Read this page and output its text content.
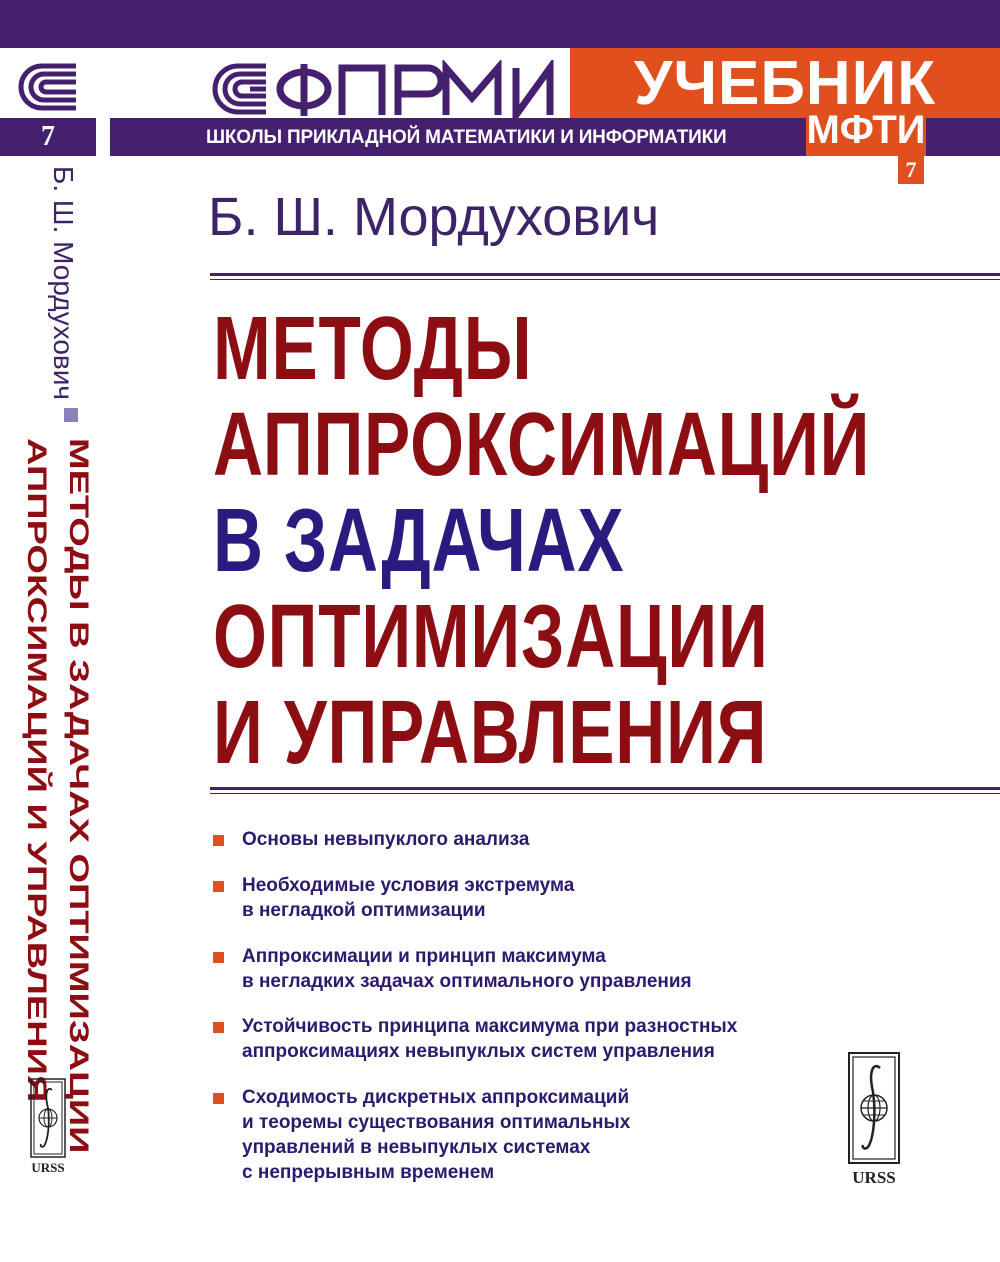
7
Б. Ш. Мордухович
МЕТОДЫ В ЗАДАЧАХ ОПТИМИЗАЦИИ
АППРОКСИМАЦИЙ И УПРАВЛЕНИЯ
URSS
УЧЕБНИК
ШКОЛЫ ПРИКЛАДНОЙ МАТЕМАТИКИ И ИНФОРМАТИКИ МФТИ
7
Б. Ш. Мордухович
МЕТОДЫ
АППРОКСИМАЦИЙ
В ЗАДАЧАХ
ОПТИМИЗАЦИИ
И УПРАВЛЕНИЯ
Основы невыпуклого анализа
Необходимые условия экстремума
в негладкой оптимизации
Аппроксимации и принцип максимума
в негладких задачах оптимального управления
Устойчивость принципа максимума при разностных
аппроксимациях невыпуклых систем управления
Сходимость дискретных аппроксимаций
и теоремы существования оптимальных
управлений в невыпуклых системах
с непрерывным временем	URSS
